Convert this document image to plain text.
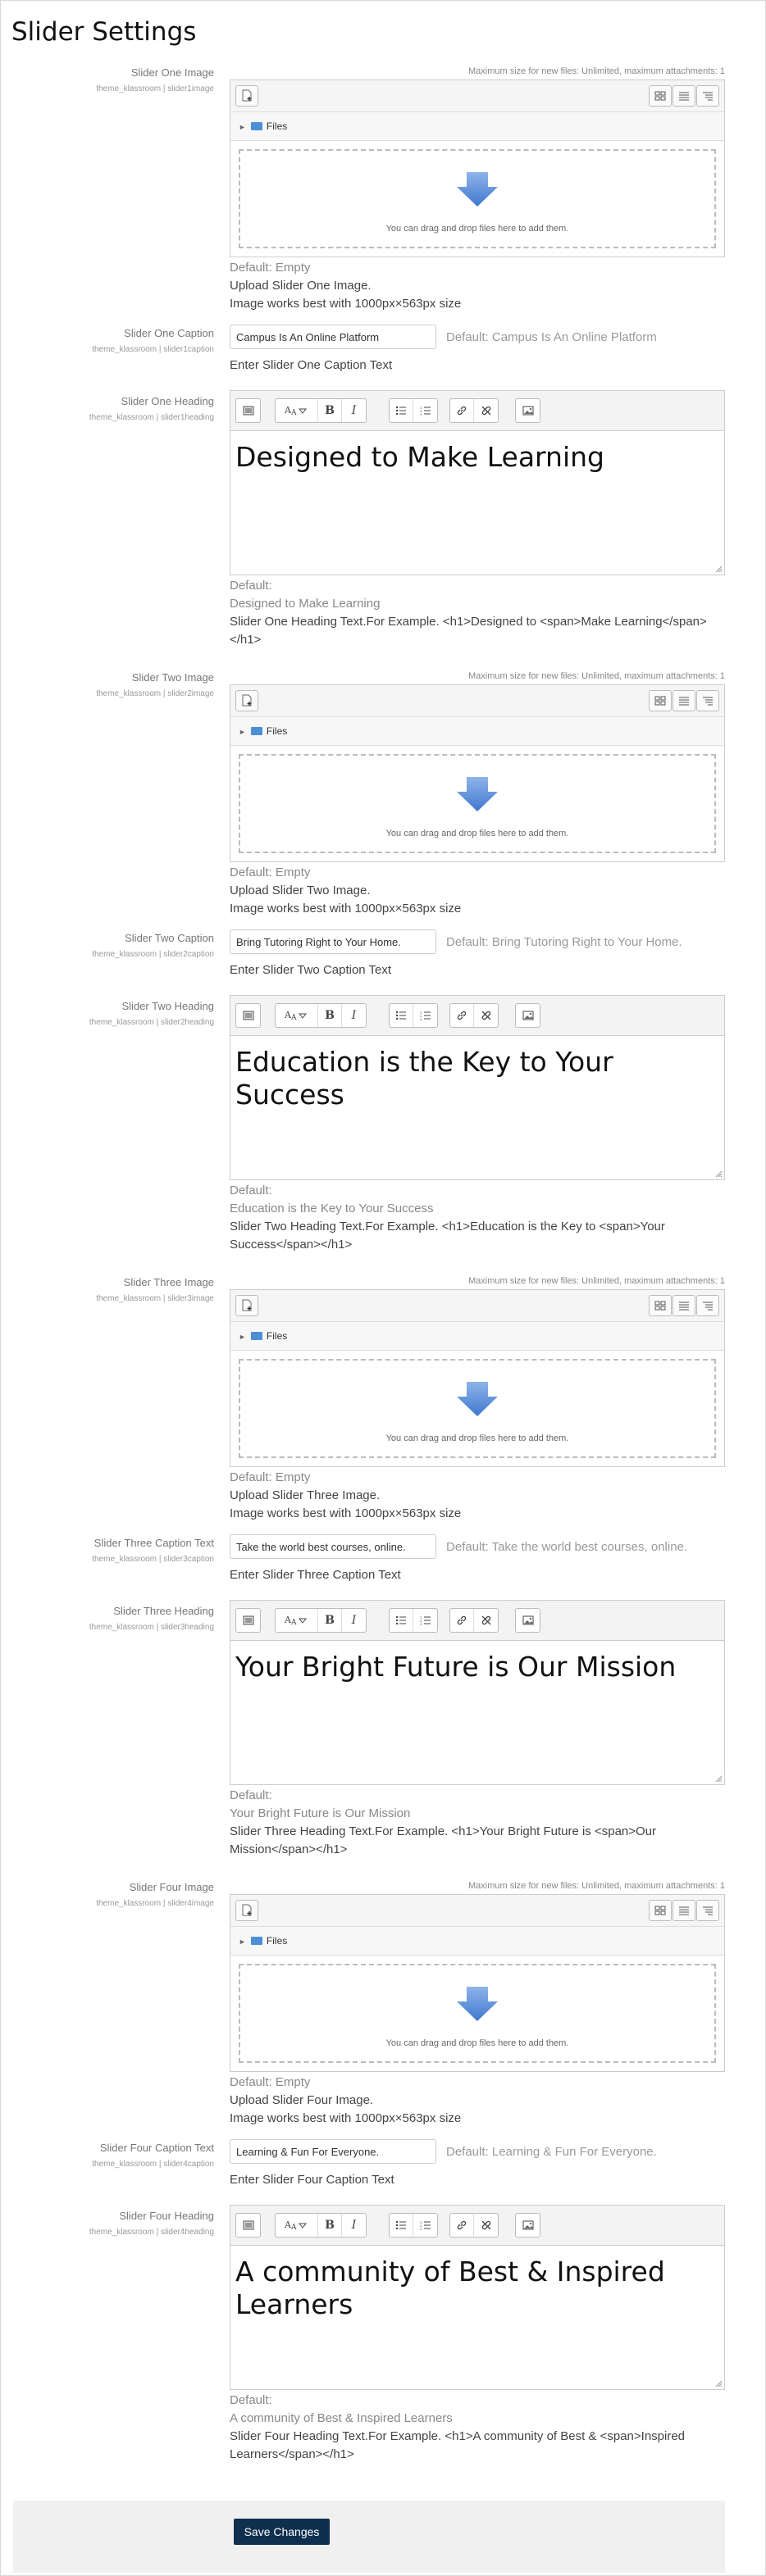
Slider Settings
Slider One Image
theme_klassroom | slider1image
Maximum size for new files: Unlimited, maximum attachments: 1
► Files
You can drag and drop files here to add them.
Default: Empty
Upload Slider One Image.
Image works best with 1000px×563px size
Slider One Caption
theme_klassroom | slider1caption
Campus Is An Online Platform
Default: Campus Is An Online Platform
Enter Slider One Caption Text
Slider One Heading
theme_klassroom | slider1heading
A A	B	I	1
2
3
Designed to Make Learning
Default:
Designed to Make Learning
Slider One Heading Text.For Example. <h1>Designed to <span>Make Learning</span></h1>
Slider Two Image
theme_klassroom | slider2image
Maximum size for new files: Unlimited, maximum attachments: 1
► Files
You can drag and drop files here to add them.
Default: Empty
Upload Slider Two Image.
Image works best with 1000px×563px size
Slider Two Caption
theme_klassroom | slider2caption
Bring Tutoring Right to Your Home.
Default: Bring Tutoring Right to Your Home.
Enter Slider Two Caption Text
Slider Two Heading
theme_klassroom | slider2heading
A A	B	I	1
2
3
Education is the Key to Your Success
Default:
Education is the Key to Your Success
Slider Two Heading Text.For Example. <h1>Education is the Key to <span>Your Success</span></h1>
Slider Three Image
theme_klassroom | slider3image
Maximum size for new files: Unlimited, maximum attachments: 1
► Files
You can drag and drop files here to add them.
Default: Empty
Upload Slider Three Image.
Image works best with 1000px×563px size
Slider Three Caption Text
theme_klassroom | slider3caption
Take the world best courses, online.
Default: Take the world best courses, online.
Enter Slider Three Caption Text
Slider Three Heading
theme_klassroom | slider3heading
A A	B	I	1
2
3
Your Bright Future is Our Mission
Default:
Your Bright Future is Our Mission
Slider Three Heading Text.For Example. <h1>Your Bright Future is <span>Our Mission</span></h1>
Slider Four Image
theme_klassroom | slider4image
Maximum size for new files: Unlimited, maximum attachments: 1
► Files
You can drag and drop files here to add them.
Default: Empty
Upload Slider Four Image.
Image works best with 1000px×563px size
Slider Four Caption Text
theme_klassroom | slider4caption
Learning & Fun For Everyone.
Default: Learning & Fun For Everyone.
Enter Slider Four Caption Text
Slider Four Heading
theme_klassroom | slider4heading
A A	B	I	1
2
3
A community of Best & Inspired Learners
Default:
A community of Best & Inspired Learners
Slider Four Heading Text.For Example. <h1>A community of Best & <span>Inspired Learners</span></h1>
Save Changes
